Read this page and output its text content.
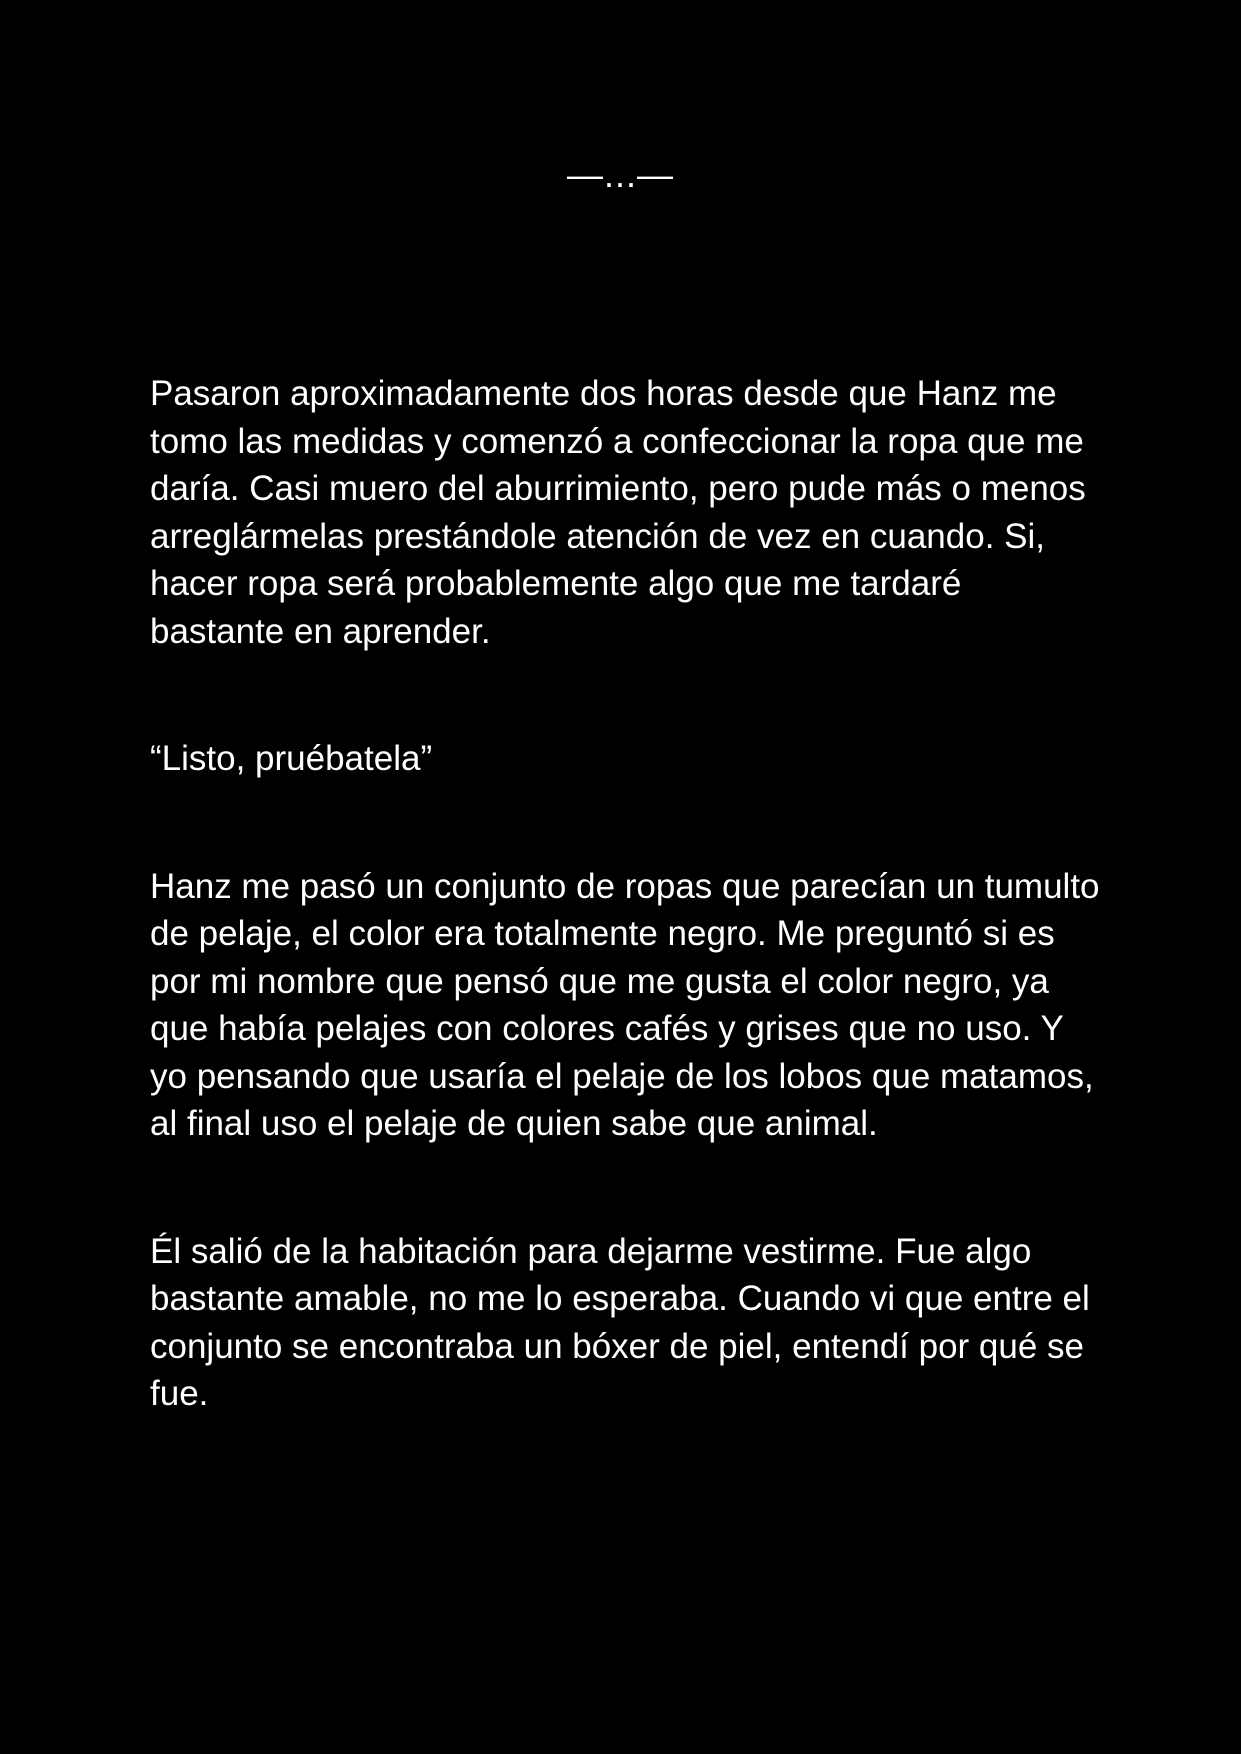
—...—

Pasaron aproximadamente dos horas desde que Hanz me tomo las medidas y comenzó a confeccionar la ropa que me daría. Casi muero del aburrimiento, pero pude más o menos arreglármelas prestándole atención de vez en cuando. Si, hacer ropa será probablemente algo que me tardaré bastante en aprender.

“Listo, pruébatela”

Hanz me pasó un conjunto de ropas que parecían un tumulto de pelaje, el color era totalmente negro. Me preguntó si es por mi nombre que pensó que me gusta el color negro, ya que había pelajes con colores cafés y grises que no uso. Y yo pensando que usaría el pelaje de los lobos que matamos, al final uso el pelaje de quien sabe que animal.

Él salió de la habitación para dejarme vestirme. Fue algo bastante amable, no me lo esperaba. Cuando vi que entre el conjunto se encontraba un bóxer de piel, entendí por qué se fue.
